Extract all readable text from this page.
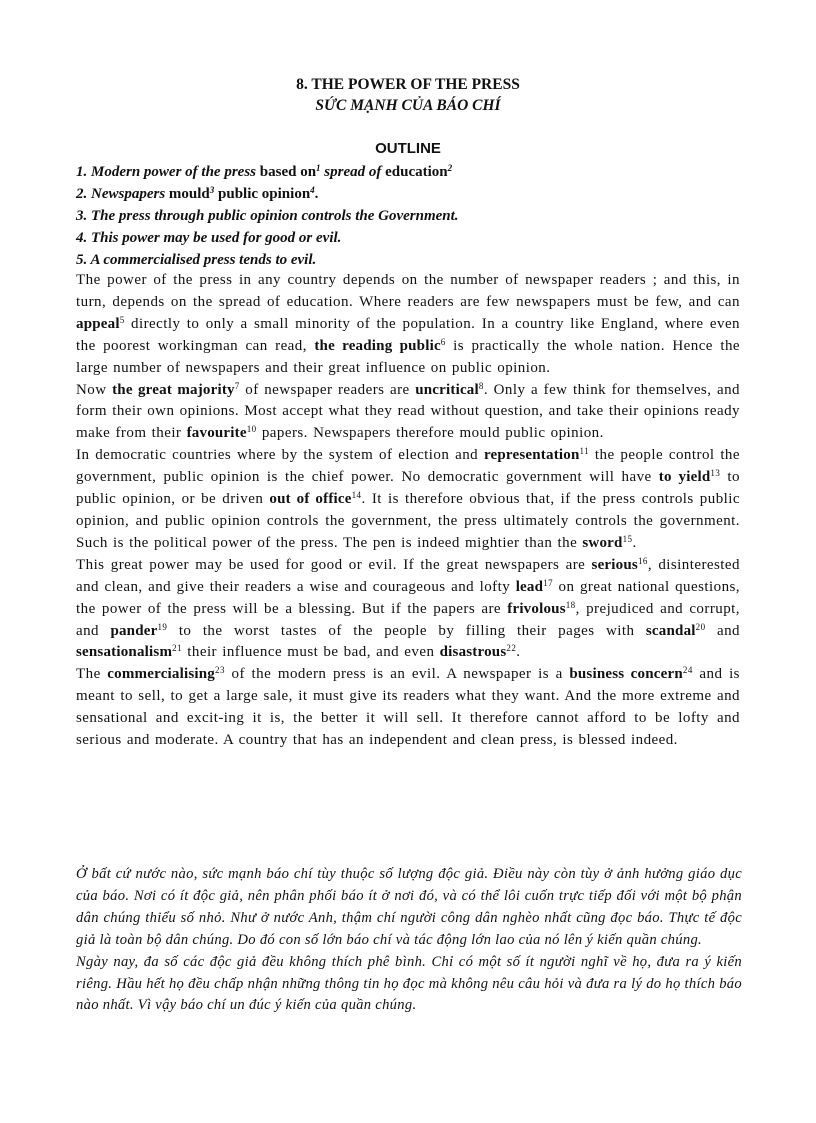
8. THE POWER OF THE PRESS
SỨC MẠNH CỦA BÁO CHÍ
OUTLINE
1. Modern power of the press based $on^1$ spread of education$^2$
2. Newspapers mould$^3$ public opinion$^4$.
3. The press through public opinion controls the Government.
4. This power may be used for good or evil.
5. A commercialised press tends to evil.

The power of the press in any country depends on the number of newspaper readers ; and this, in turn, depends on the spread of education. Where readers are few newspapers must be few, and can appeal$^5$ directly to only a small minority of the population. In a country like England, where even the poorest workingman can read, the reading public$^6$ is practically the whole nation. Hence the large number of newspapers and their great influence on public opinion.

Now the great majority$^7$ of newspaper readers are uncritical$^8$. Only a few think for themselves, and form their own opinions. Most accept what they read without question, and take their opinions ready make from their favourite$^{10}$ papers. Newspapers therefore mould public opinion.

In democratic countries where by the system of election and representation$^{11}$ the people control the government, public opinion is the chief power. No democratic government will have to yield$^{13}$ to public opinion, or be driven out of office$^{14}$. It is therefore obvious that, if the press controls public opinion, and public opinion controls the government, the press ultimately controls the government. Such is the political power of the press. The pen is indeed mightier than the sword$^{15}$.

This great power may be used for good or evil. If the great newspapers are serious$^{16}$, disinterested and clean, and give their readers a wise and courageous and lofty lead$^{17}$ on great national questions, the power of the press will be a blessing. But if the papers are frivolous$^{18}$, prejudiced and corrupt, and pander$^{19}$ to the worst tastes of the people by filling their pages with scandal$^{20}$ and sensationalism$^{21}$ their influence must be bad, and even disastrous$^{22}$.

The commercialising$^{23}$ of the modern press is an evil. A newspaper is a business concern$^{24}$ and is meant to sell, to get a large sale, it must give its readers what they want. And the more extreme and sensational and excit-ing it is, the better it will sell. It therefore cannot afford to be lofty and serious and moderate. A country that has an independent and clean press, is blessed indeed.

Ở bất cứ nước nào, sức mạnh báo chí tùy thuộc số lượng độc giả. Điều này còn tùy ở ảnh hưởng giáo dục của báo. Nơi có ít độc giả, nên phân phối báo ít ở nơi đó, và có thể lôi cuốn trực tiếp đối với một bộ phận dân chúng thiểu số nhỏ. Như ở nước Anh, thậm chí người công dân nghèo nhất cũng đọc báo. Thực tế độc giả là toàn bộ dân chúng. Do đó con số lớn báo chí và tác động lớn lao của nó lên ý kiến quần chúng.

Ngày nay, đa số các độc giả đều không thích phê bình. Chỉ có một số ít người nghĩ về họ, đưa ra ý kiến riêng. Hầu hết họ đều chấp nhận những thông tin họ đọc mà không nêu câu hỏi và đưa ra lý do họ thích báo nào nhất. Vì vậy báo chí un đúc ý kiến của quần chúng.
